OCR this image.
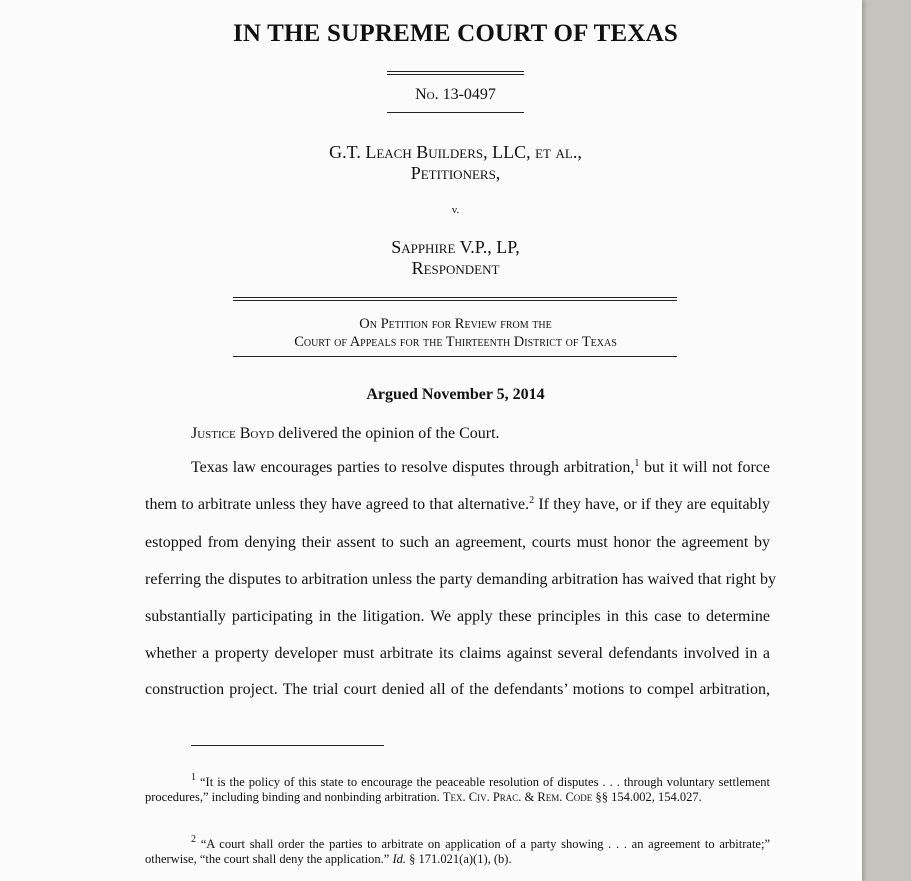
IN THE SUPREME COURT OF TEXAS
No. 13-0497
G.T. Leach Builders, LLC, et al.,
Petitioners,
v.
Sapphire V.P., LP,
Respondent
On Petition for Review from the
Court of Appeals for the Thirteenth District of Texas
Argued November 5, 2014
Justice Boyd delivered the opinion of the Court.
Texas law encourages parties to resolve disputes through arbitration,$^1$ but it will not force
them to arbitrate unless they have agreed to that alternative.$^2$ If they have, or if they are equitably
estopped from denying their assent to such an agreement, courts must honor the agreement by
referring the disputes to arbitration unless the party demanding arbitration has waived that right by
substantially participating in the litigation. We apply these principles in this case to determine
whether a property developer must arbitrate its claims against several defendants involved in a
construction project. The trial court denied all of the defendants’ motions to compel arbitration,
$^1$ “It is the policy of this state to encourage the peaceable resolution of disputes . . . through voluntary settlement procedures,” including binding and nonbinding arbitration. Tex. Civ. Prac. & Rem. Code §§ 154.002, 154.027.
$^2$ “A court shall order the parties to arbitrate on application of a party showing . . . an agreement to arbitrate;” otherwise, “the court shall deny the application.” Id. § 171.021(a)(1), (b).
